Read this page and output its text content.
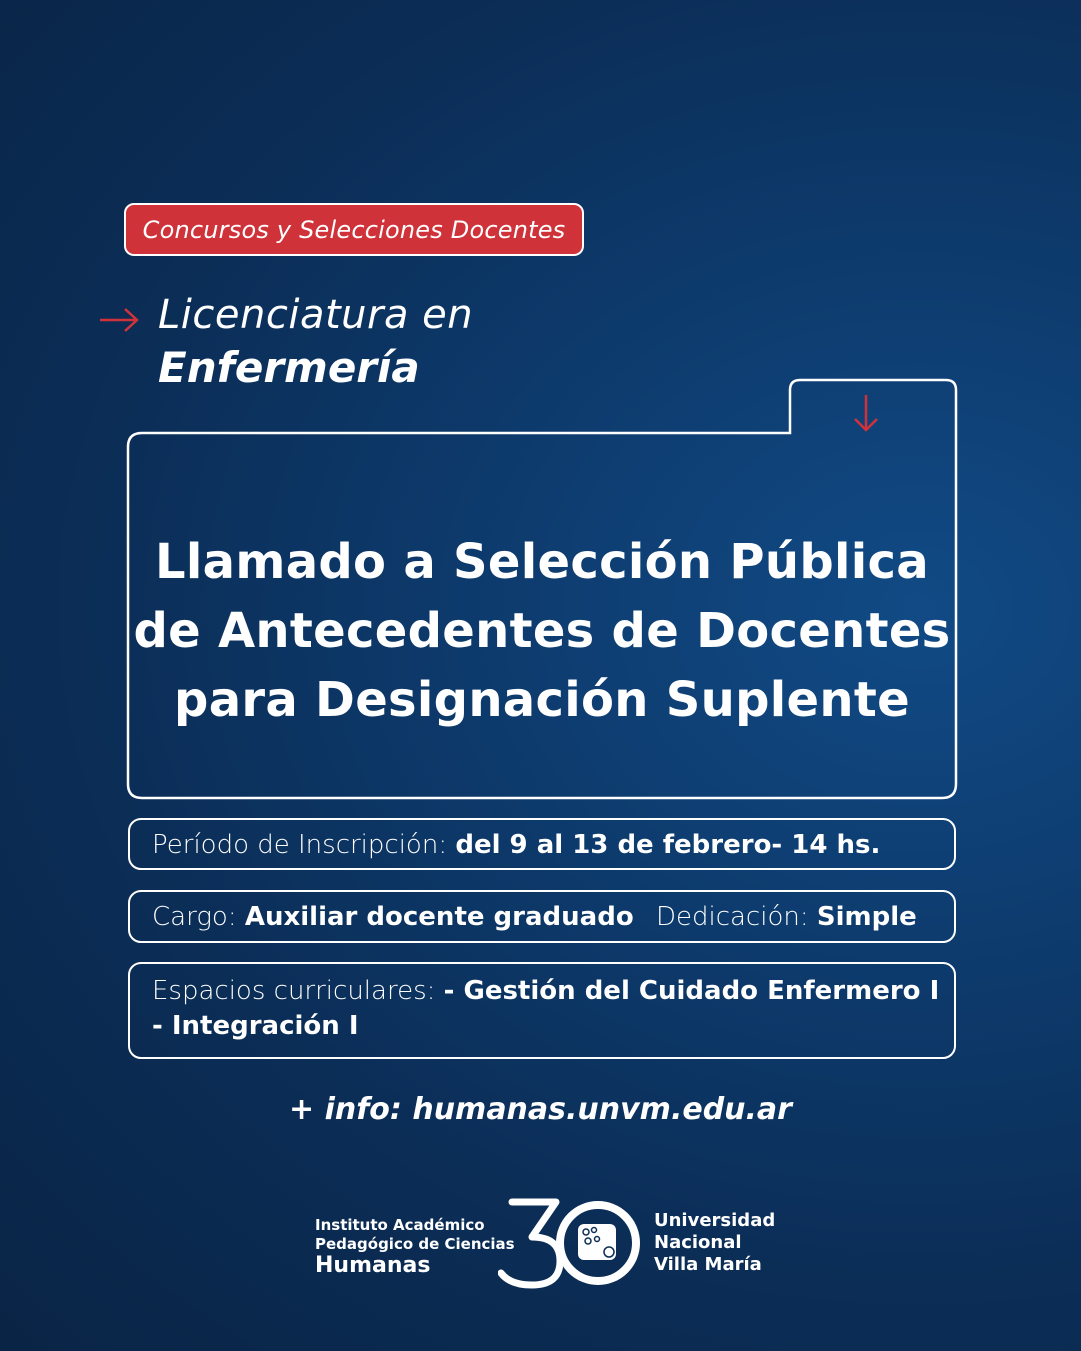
Concursos y Selecciones Docentes
Licenciatura en
Enfermería
Llamado a Selección Pública
de Antecedentes de Docentes
para Designación Suplente
Período de Inscripción: del 9 al 13 de febrero- 14 hs.
Cargo: Auxiliar docente graduado Dedicación: Simple
Espacios curriculares: - Gestión del Cuidado Enfermero I
- Integración I
+ info: humanas.unvm.edu.ar
Instituto Académico
Pedagógico de Ciencias
Humanas
Universidad
Nacional
Villa María
